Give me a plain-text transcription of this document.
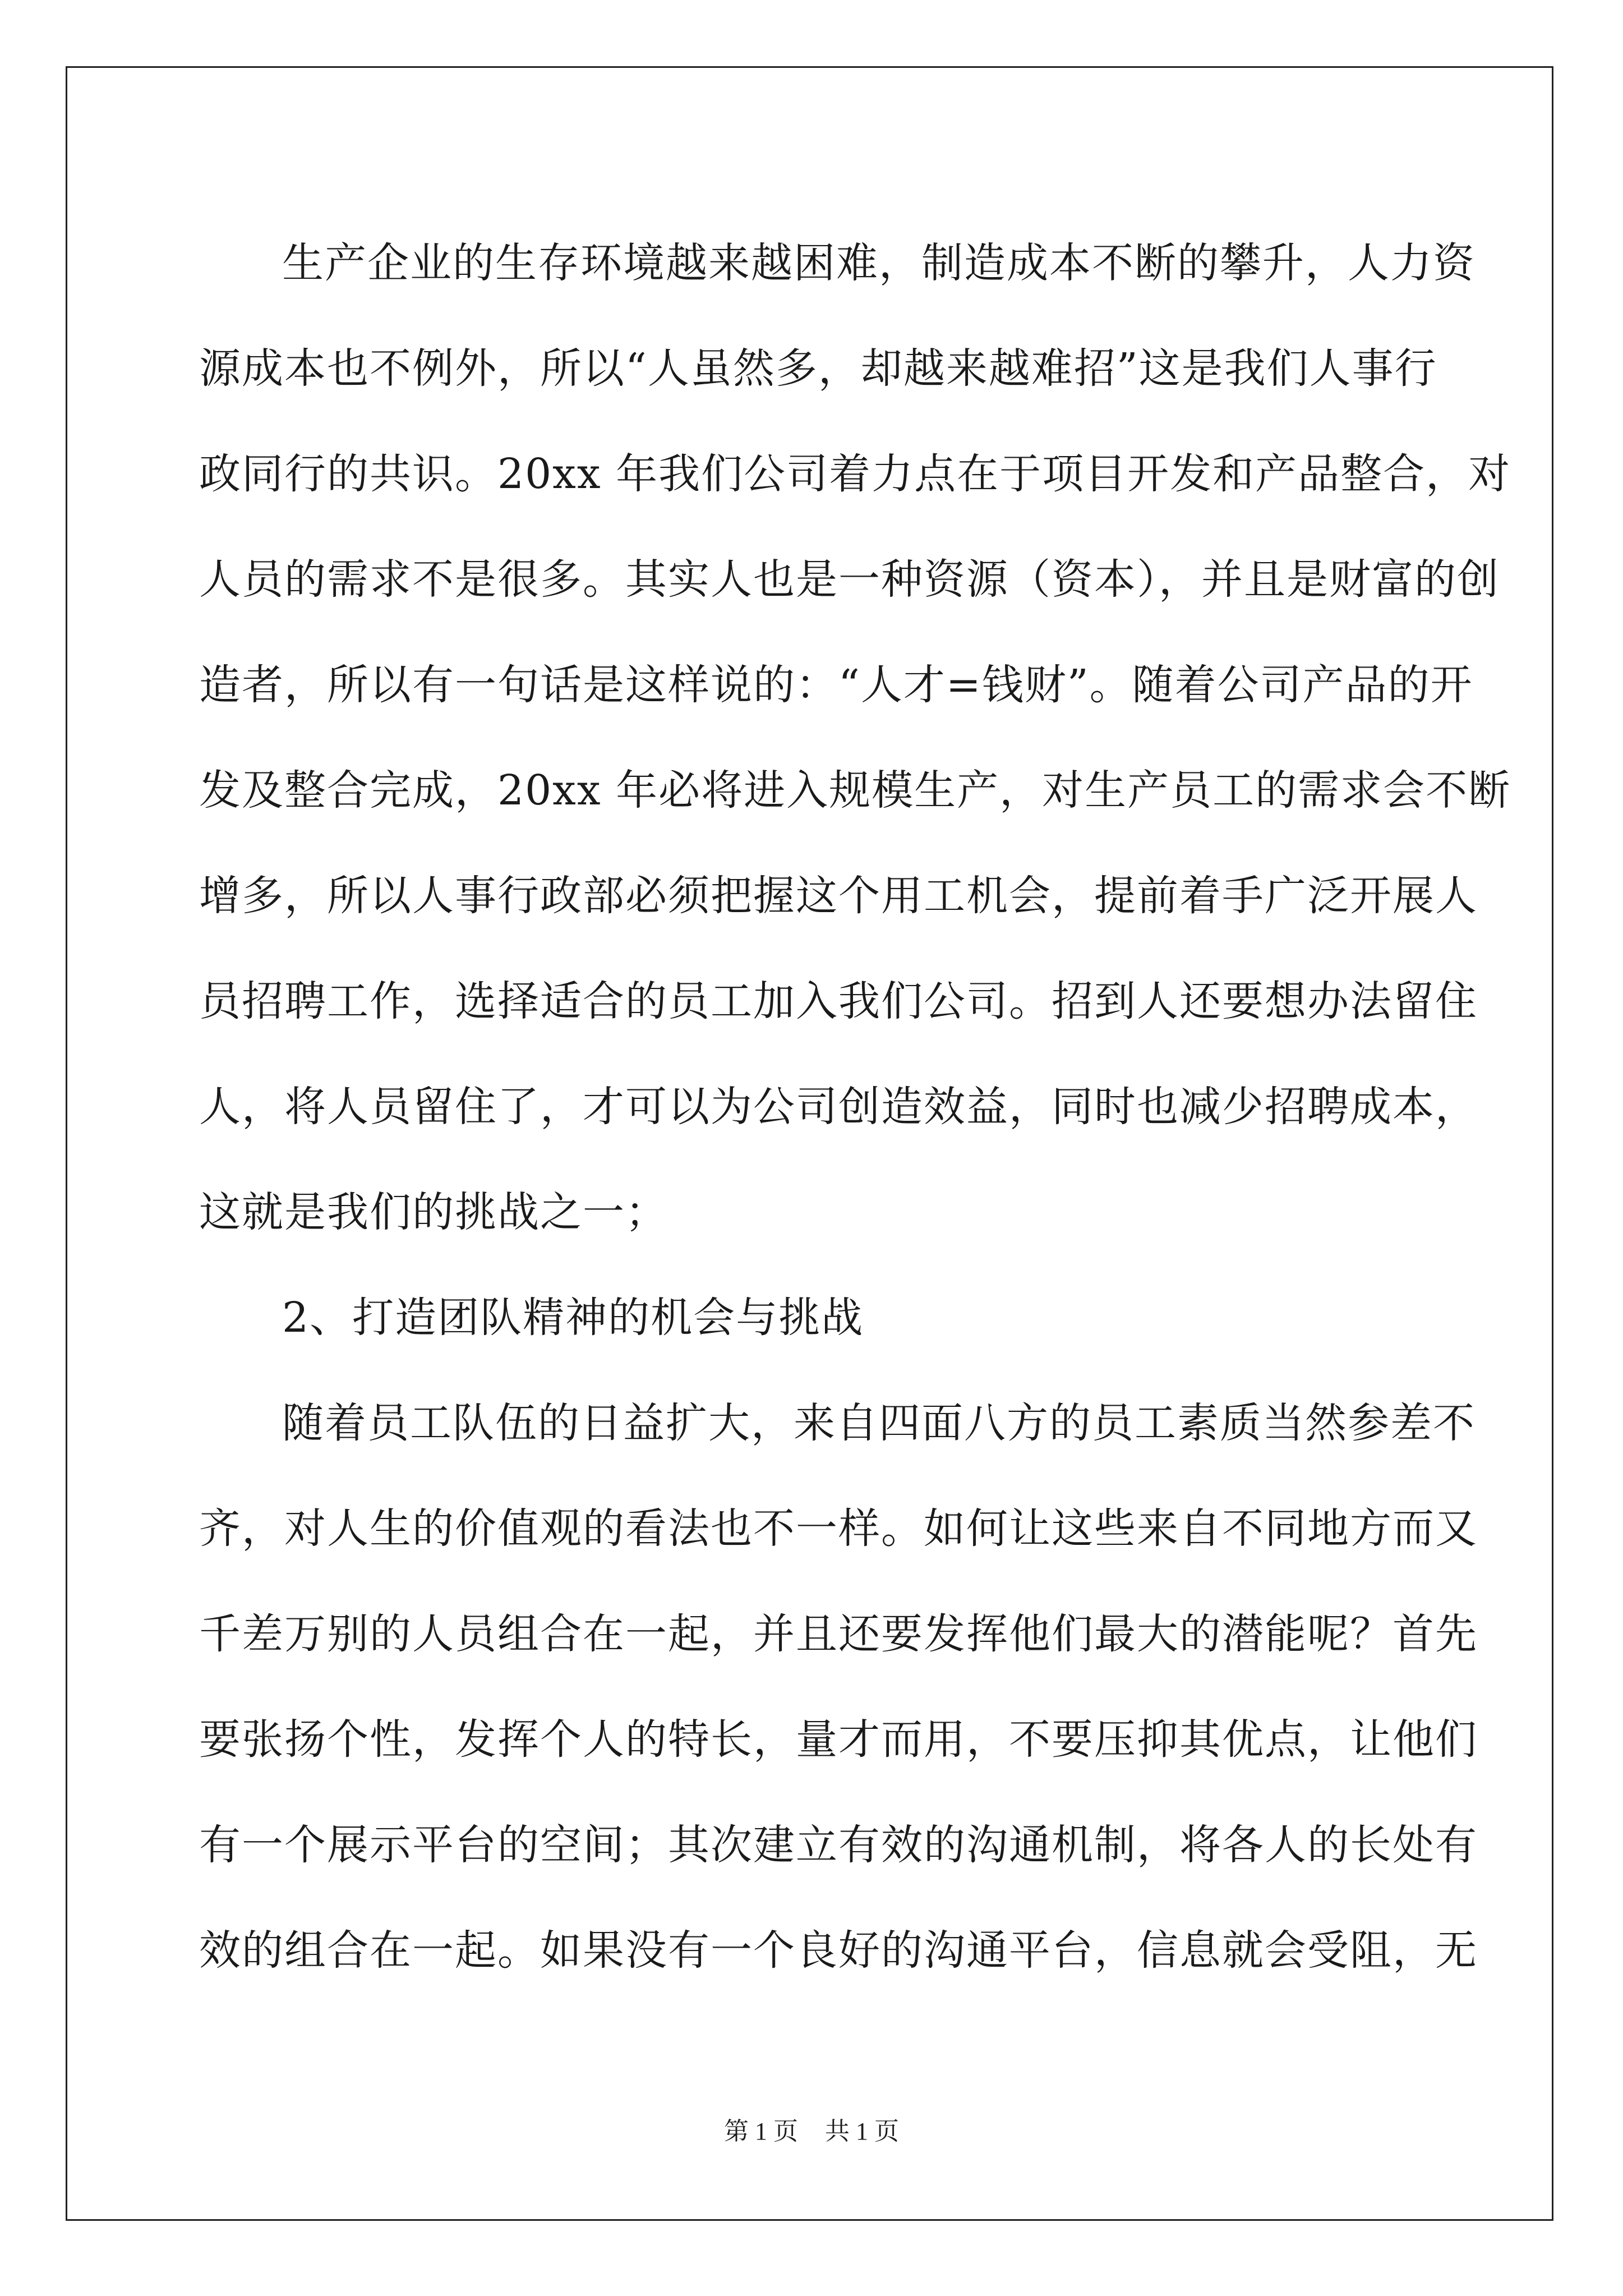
生产企业的生存环境越来越困难，制造成本不断的攀升，人力资
源成本也不例外，所以“人虽然多，却越来越难招”这是我们人事行
政同行的共识。20xx 年我们公司着力点在于项目开发和产品整合，对
人员的需求不是很多。其实人也是一种资源（资本），并且是财富的创
造者，所以有一句话是这样说的：“人才=钱财”。随着公司产品的开
发及整合完成，20xx 年必将进入规模生产，对生产员工的需求会不断
增多，所以人事行政部必须把握这个用工机会，提前着手广泛开展人
员招聘工作，选择适合的员工加入我们公司。招到人还要想办法留住
人，将人员留住了，才可以为公司创造效益，同时也减少招聘成本，
这就是我们的挑战之一；
2、打造团队精神的机会与挑战
随着员工队伍的日益扩大，来自四面八方的员工素质当然参差不
齐，对人生的价值观的看法也不一样。如何让这些来自不同地方而又
千差万别的人员组合在一起，并且还要发挥他们最大的潜能呢？首先
要张扬个性，发挥个人的特长，量才而用，不要压抑其优点，让他们
有一个展示平台的空间；其次建立有效的沟通机制，将各人的长处有
效的组合在一起。如果没有一个良好的沟通平台，信息就会受阻，无
第 1 页 共 1 页
